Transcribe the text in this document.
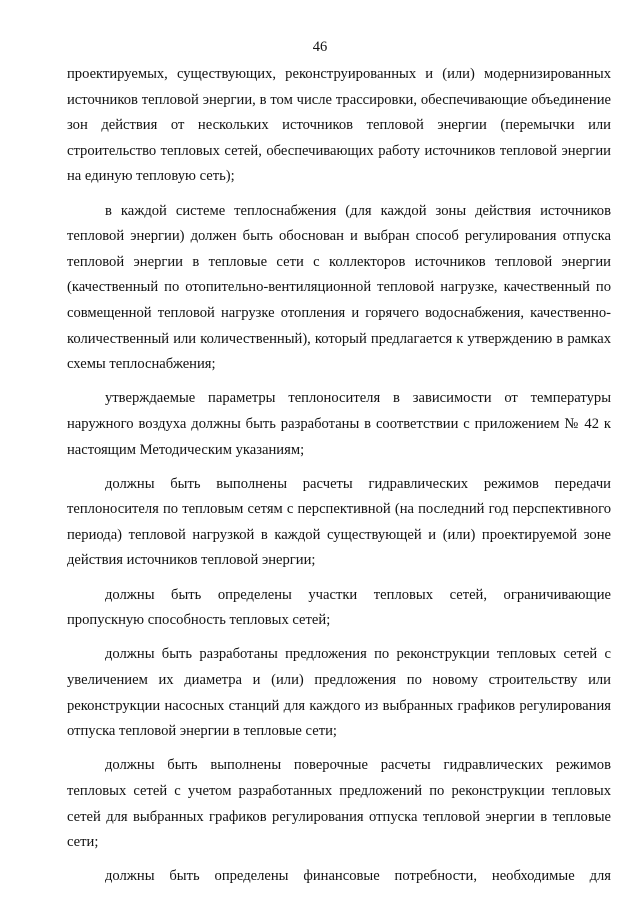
46

проектируемых, существующих, реконструированных и (или) модернизированных источников тепловой энергии, в том числе трассировки, обеспечивающие объединение зон действия от нескольких источников тепловой энергии (перемычки или строительство тепловых сетей, обеспечивающих работу источников тепловой энергии на единую тепловую сеть);

в каждой системе теплоснабжения (для каждой зоны действия источников тепловой энергии) должен быть обоснован и выбран способ регулирования отпуска тепловой энергии в тепловые сети с коллекторов источников тепловой энергии (качественный по отопительно-вентиляционной тепловой нагрузке, качественный по совмещенной тепловой нагрузке отопления и горячего водоснабжения, качественно-количественный или количественный), который предлагается к утверждению в рамках схемы теплоснабжения;

утверждаемые параметры теплоносителя в зависимости от температуры наружного воздуха должны быть разработаны в соответствии с приложением № 42 к настоящим Методическим указаниям;

должны быть выполнены расчеты гидравлических режимов передачи теплоносителя по тепловым сетям с перспективной (на последний год перспективного периода) тепловой нагрузкой в каждой существующей и (или) проектируемой зоне действия источников тепловой энергии;

должны быть определены участки тепловых сетей, ограничивающие пропускную способность тепловых сетей;

должны быть разработаны предложения по реконструкции тепловых сетей с увеличением их диаметра и (или) предложения по новому строительству или реконструкции насосных станций для каждого из выбранных графиков регулирования отпуска тепловой энергии в тепловые сети;

должны быть выполнены поверочные расчеты гидравлических режимов тепловых сетей с учетом разработанных предложений по реконструкции тепловых сетей для выбранных графиков регулирования отпуска тепловой энергии в тепловые сети;

должны быть определены финансовые потребности, необходимые для
